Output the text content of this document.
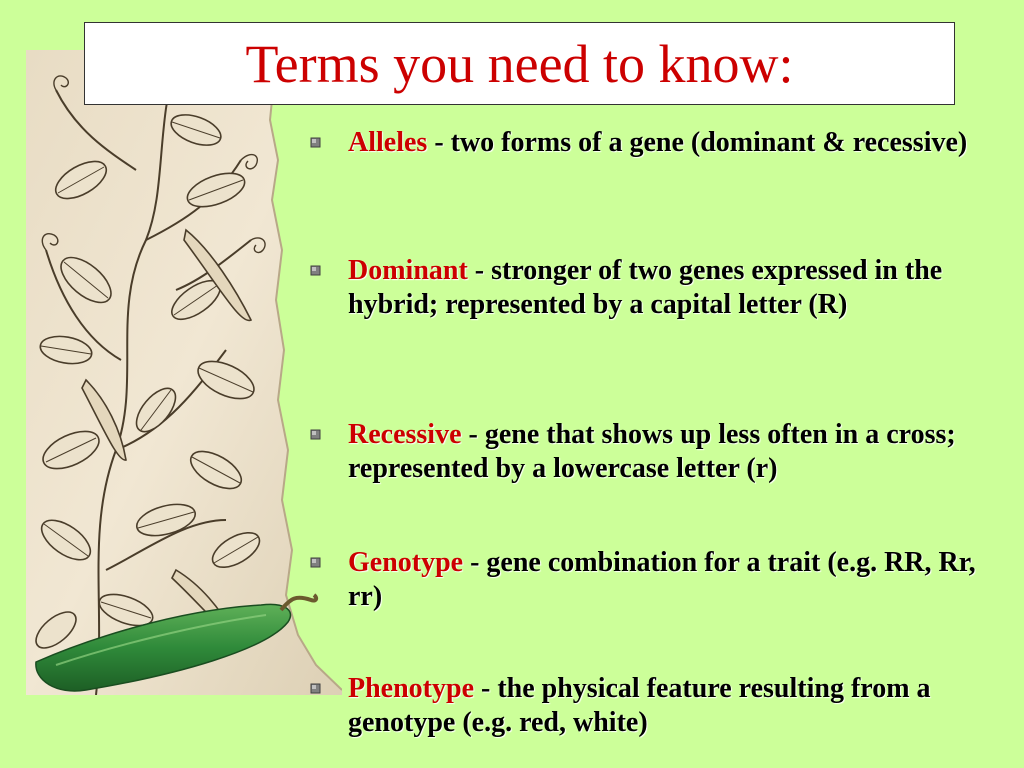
Terms you need to know:
Alleles - two forms of a gene (dominant & recessive)
Dominant - stronger of two genes expressed in the hybrid; represented by a capital letter (R)
Recessive - gene that shows up less often in a cross; represented by a lowercase letter (r)
Genotype - gene combination for a trait (e.g. RR, Rr, rr)
Phenotype - the physical feature resulting from a genotype (e.g. red, white)
